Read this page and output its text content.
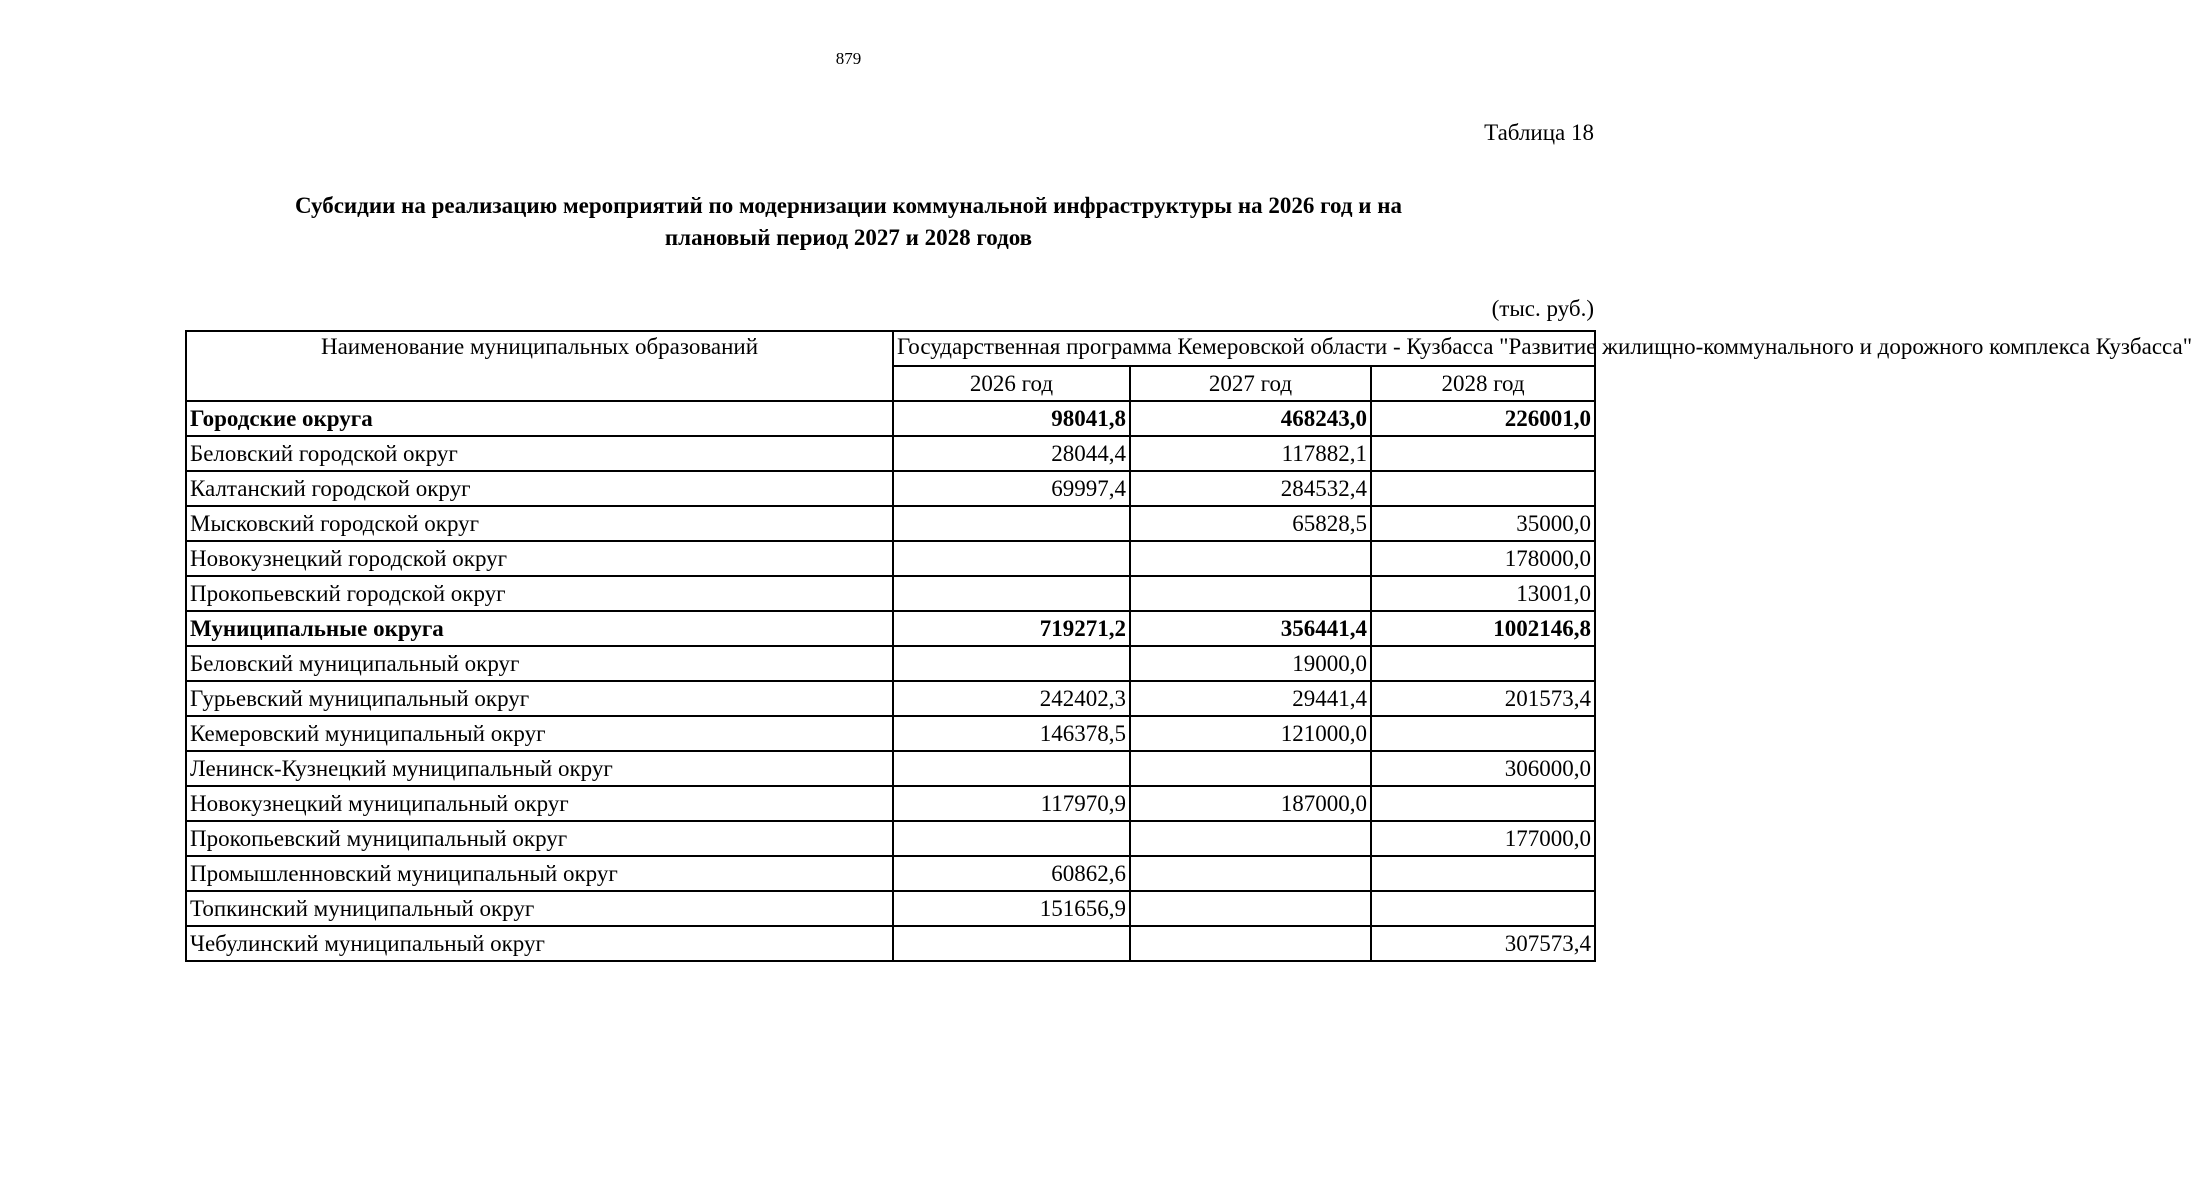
879
Таблица 18
Субсидии на реализацию мероприятий по модернизации коммунальной инфраструктуры на 2026 год и на
плановый период 2027 и 2028 годов
(тыс. руб.)
Наименование муниципальных образований	Государственная программа Кемеровской области - Кузбасса "Развитие жилищно-коммунального и дорожного комплекса Кузбасса"		
	2026 год	2027 год	2028 год
Городские округа	98041,8	468243,0	226001,0
Беловский городской округ	28044,4	117882,1	
Калтанский городской округ	69997,4	284532,4	
Мысковский городской округ		65828,5	35000,0
Новокузнецкий городской округ			178000,0
Прокопьевский городской округ			13001,0
Муниципальные округа	719271,2	356441,4	1002146,8
Беловский муниципальный округ		19000,0	
Гурьевский муниципальный округ	242402,3	29441,4	201573,4
Кемеровский муниципальный округ	146378,5	121000,0	
Ленинск-Кузнецкий муниципальный округ			306000,0
Новокузнецкий муниципальный округ	117970,9	187000,0	
Прокопьевский муниципальный округ			177000,0
Промышленновский муниципальный округ	60862,6		
Топкинский муниципальный округ	151656,9		
Чебулинский муниципальный округ			307573,4
